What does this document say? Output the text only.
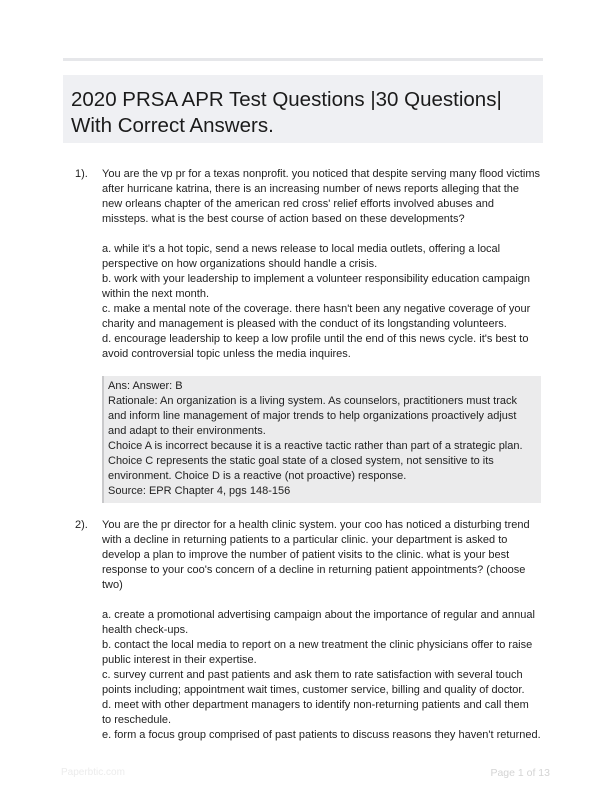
2020 PRSA APR Test Questions |30 Questions| With Correct Answers.
1). You are the vp pr for a texas nonprofit. you noticed that despite serving many flood victims after hurricane katrina, there is an increasing number of news reports alleging that the new orleans chapter of the american red cross' relief efforts involved abuses and missteps. what is the best course of action based on these developments?

a. while it's a hot topic, send a news release to local media outlets, offering a local perspective on how organizations should handle a crisis.

b. work with your leadership to implement a volunteer responsibility education campaign within the next month.

c. make a mental note of the coverage. there hasn't been any negative coverage of your charity and management is pleased with the conduct of its longstanding volunteers.

d. encourage leadership to keep a low profile until the end of this news cycle. it's best to avoid controversial topic unless the media inquires.

Ans: Answer: B
Rationale: An organization is a living system. As counselors, practitioners must track and inform line management of major trends to help organizations proactively adjust and adapt to their environments.
Choice A is incorrect because it is a reactive tactic rather than part of a strategic plan. Choice C represents the static goal state of a closed system, not sensitive to its environment. Choice D is a reactive (not proactive) response.
Source: EPR Chapter 4, pgs 148-156
2). You are the pr director for a health clinic system. your coo has noticed a disturbing trend with a decline in returning patients to a particular clinic. your department is asked to develop a plan to improve the number of patient visits to the clinic. what is your best response to your coo's concern of a decline in returning patient appointments? (choose two)

a. create a promotional advertising campaign about the importance of regular and annual health check-ups.

b. contact the local media to report on a new treatment the clinic physicians offer to raise public interest in their expertise.

c. survey current and past patients and ask them to rate satisfaction with several touch points including; appointment wait times, customer service, billing and quality of doctor.

d. meet with other department managers to identify non-returning patients and call them to reschedule.

e. form a focus group comprised of past patients to discuss reasons they haven't returned.

Paperbtic.com	Page 1 of 13
